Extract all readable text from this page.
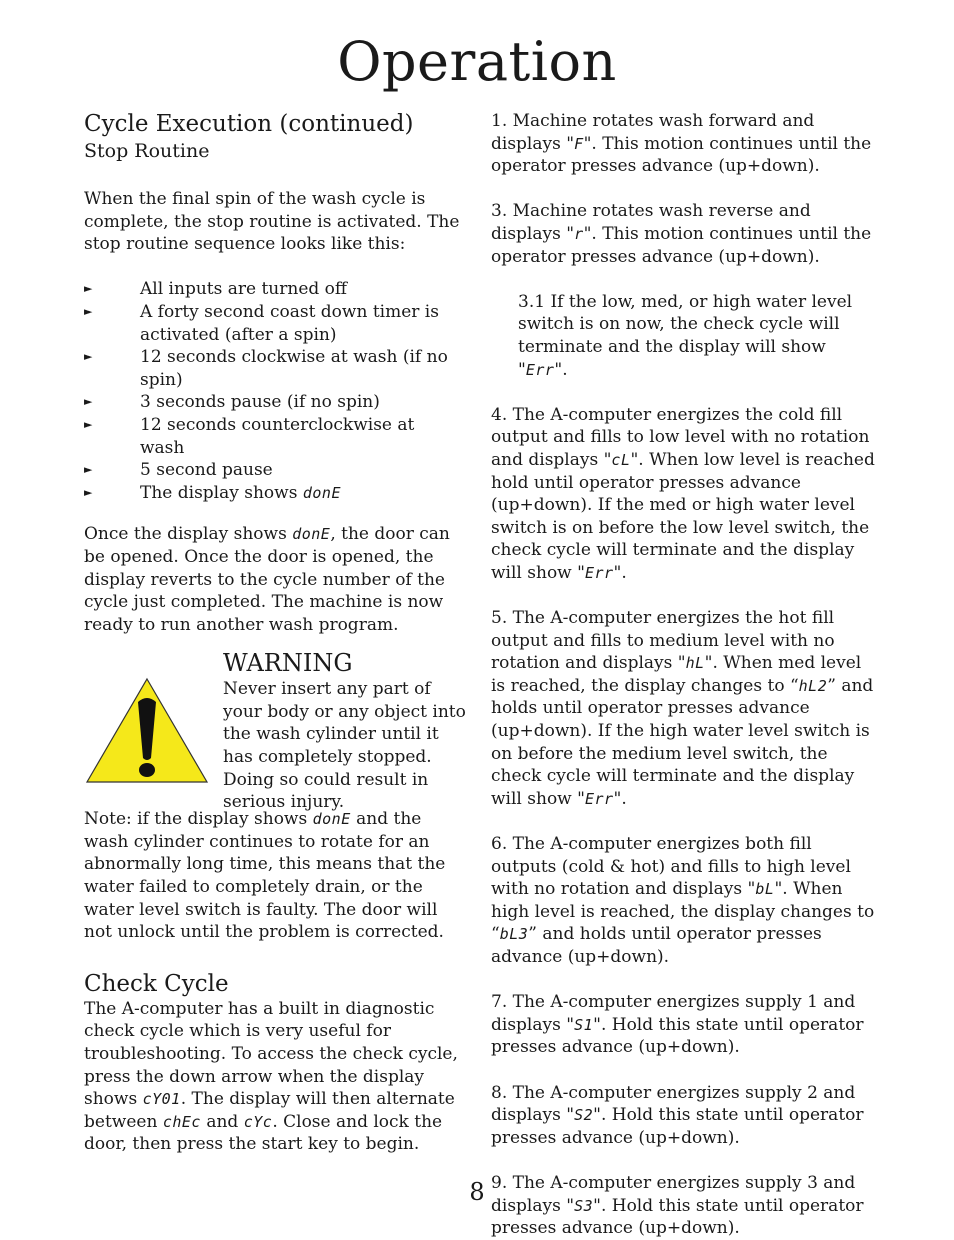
Operation

Cycle Execution (continued)

Stop Routine

When the final spin of the wash cycle is complete, the stop routine is activated. The stop routine sequence looks like this:

►	All inputs are turned off
►	A forty second coast down timer is activated (after a spin)
►	12 seconds clockwise at wash (if no spin)
►	3 seconds pause (if no spin)
►	12 seconds counterclockwise at wash
►	5 second pause
►	The display shows donE

Once the display shows donE, the door can be opened. Once the door is opened, the display reverts to the cycle number of the cycle just completed. The machine is now ready to run another wash program.

WARNING

Never insert any part of your body or any object into the wash cylinder until it has completely stopped. Doing so could result in serious injury.

Note: if the display shows donE and the wash cylinder continues to rotate for an abnormally long time, this means that the water failed to completely drain, or the water level switch is faulty. The door will not unlock until the problem is corrected.

Check Cycle

The A-computer has a built in diagnostic check cycle which is very useful for troubleshooting. To access the check cycle, press the down arrow when the display shows cY01. The display will then alternate between chEc and cYc. Close and lock the door, then press the start key to begin.

1. Machine rotates wash forward and displays "F". This motion continues until the operator presses advance (up+down).

3. Machine rotates wash reverse and displays "r". This motion continues until the operator presses advance (up+down).

3.1 If the low, med, or high water level switch is on now, the check cycle will terminate and the display will show "Err".

4. The A-computer energizes the cold fill output and fills to low level with no rotation and displays "cL". When low level is reached hold until operator presses advance (up+down). If the med or high water level switch is on before the low level switch, the check cycle will terminate and the display will show "Err".

5. The A-computer energizes the hot fill output and fills to medium level with no rotation and displays "hL". When med level is reached, the display changes to “hL2” and holds until operator presses advance (up+down). If the high water level switch is on before the medium level switch, the check cycle will terminate and the display will show "Err".

6. The A-computer energizes both fill outputs (cold & hot) and fills to high level with no rotation and displays "bL". When high level is reached, the display changes to “bL3” and holds until operator presses advance (up+down).

7. The A-computer energizes supply 1 and displays "S1". Hold this state until operator presses advance (up+down).

8. The A-computer energizes supply 2 and displays "S2". Hold this state until operator presses advance (up+down).

9. The A-computer energizes supply 3 and displays "S3". Hold this state until operator presses advance (up+down).

8
